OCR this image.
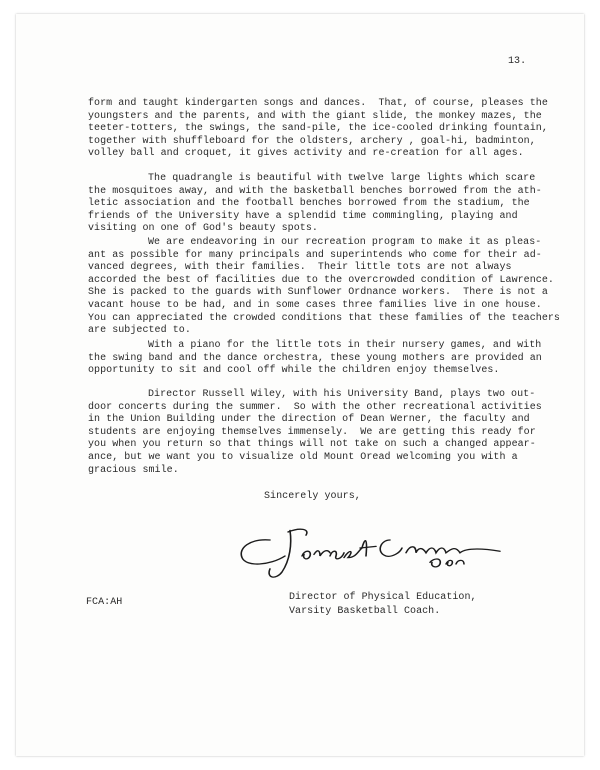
13.
form and taught kindergarten songs and dances.  That, of course, pleases the
youngsters and the parents, and with the giant slide, the monkey mazes, the
teeter-totters, the swings, the sand-pile, the ice-cooled drinking fountain,
together with shuffleboard for the oldsters, archery , goal-hi, badminton,
volley ball and croquet, it gives activity and re-creation for all ages.
The quadrangle is beautiful with twelve large lights which scare
the mosquitoes away, and with the basketball benches borrowed from the ath-
letic association and the football benches borrowed from the stadium, the
friends of the University have a splendid time commingling, playing and
visiting on one of God's beauty spots.
We are endeavoring in our recreation program to make it as pleas-
ant as possible for many principals and superintends who come for their ad-
vanced degrees, with their families.  Their little tots are not always
accorded the best of facilities due to the overcrowded condition of Lawrence.
She is packed to the guards with Sunflower Ordnance workers.  There is not a
vacant house to be had, and in some cases three families live in one house.
You can appreciated the crowded conditions that these families of the teachers
are subjected to.
With a piano for the little tots in their nursery games, and with
the swing band and the dance orchestra, these young mothers are provided an
opportunity to sit and cool off while the children enjoy themselves.
Director Russell Wiley, with his University Band, plays two out-
door concerts during the summer.  So with the other recreational activities
in the Union Building under the direction of Dean Werner, the faculty and
students are enjoying themselves immensely.  We are getting this ready for
you when you return so that things will not take on such a changed appear-
ance, but we want you to visualize old Mount Oread welcoming you with a
gracious smile.
Sincerely yours,
Director of Physical Education,
Varsity Basketball Coach.
FCA:AH
